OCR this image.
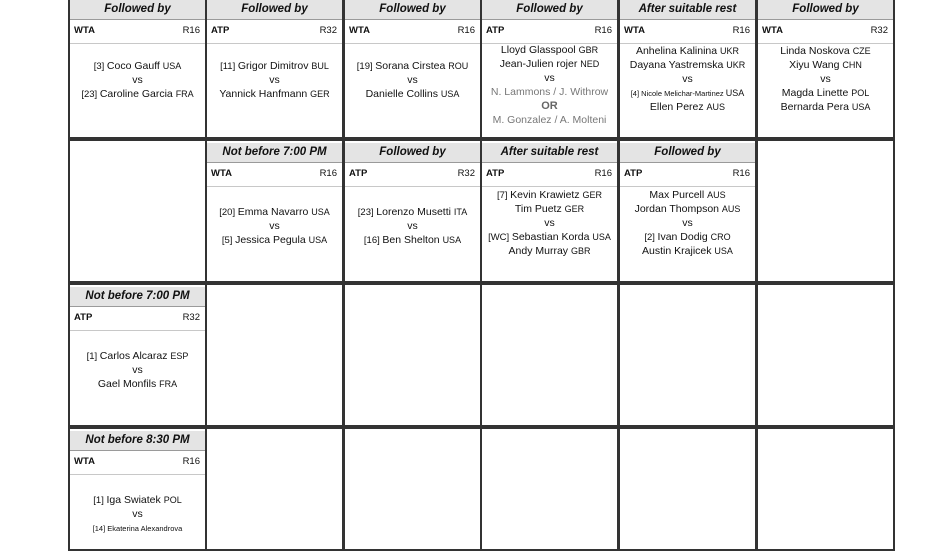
Followed by
WTA	R16
[3] Coco Gauff USA
vs
[23] Caroline Garcia FRA
Followed by
ATP	R32
[11] Grigor Dimitrov BUL
vs
Yannick Hanfmann GER
Followed by
WTA	R16
[19] Sorana Cirstea ROU
vs
Danielle Collins USA
Followed by
ATP	R16
Lloyd Glasspool GBR
Jean-Julien rojer NED
vs
N. Lammons / J. Withrow
OR
M. Gonzalez / A. Molteni
After suitable rest
WTA	R16
Anhelina Kalinina UKR
Dayana Yastremska UKR
vs
[4] Nicole Melichar-Martinez USA
Ellen Perez AUS
Followed by
WTA	R32
Linda Noskova CZE
Xiyu Wang CHN
vs
Magda Linette POL
Bernarda Pera USA
Not before 7:00 PM
WTA	R16
[20] Emma Navarro USA
vs
[5] Jessica Pegula USA
Followed by
ATP	R32
[23] Lorenzo Musetti ITA
vs
[16] Ben Shelton USA
After suitable rest
ATP	R16
[7] Kevin Krawietz GER
Tim Puetz GER
vs
[WC] Sebastian Korda USA
Andy Murray GBR
Followed by
ATP	R16
Max Purcell AUS
Jordan Thompson AUS
vs
[2] Ivan Dodig CRO
Austin Krajicek USA
Not before 7:00 PM
ATP	R32
[1] Carlos Alcaraz ESP
vs
Gael Monfils FRA
Not before 8:30 PM
WTA	R16
[1] Iga Swiatek POL
vs
[14] Ekaterina Alexandrova
